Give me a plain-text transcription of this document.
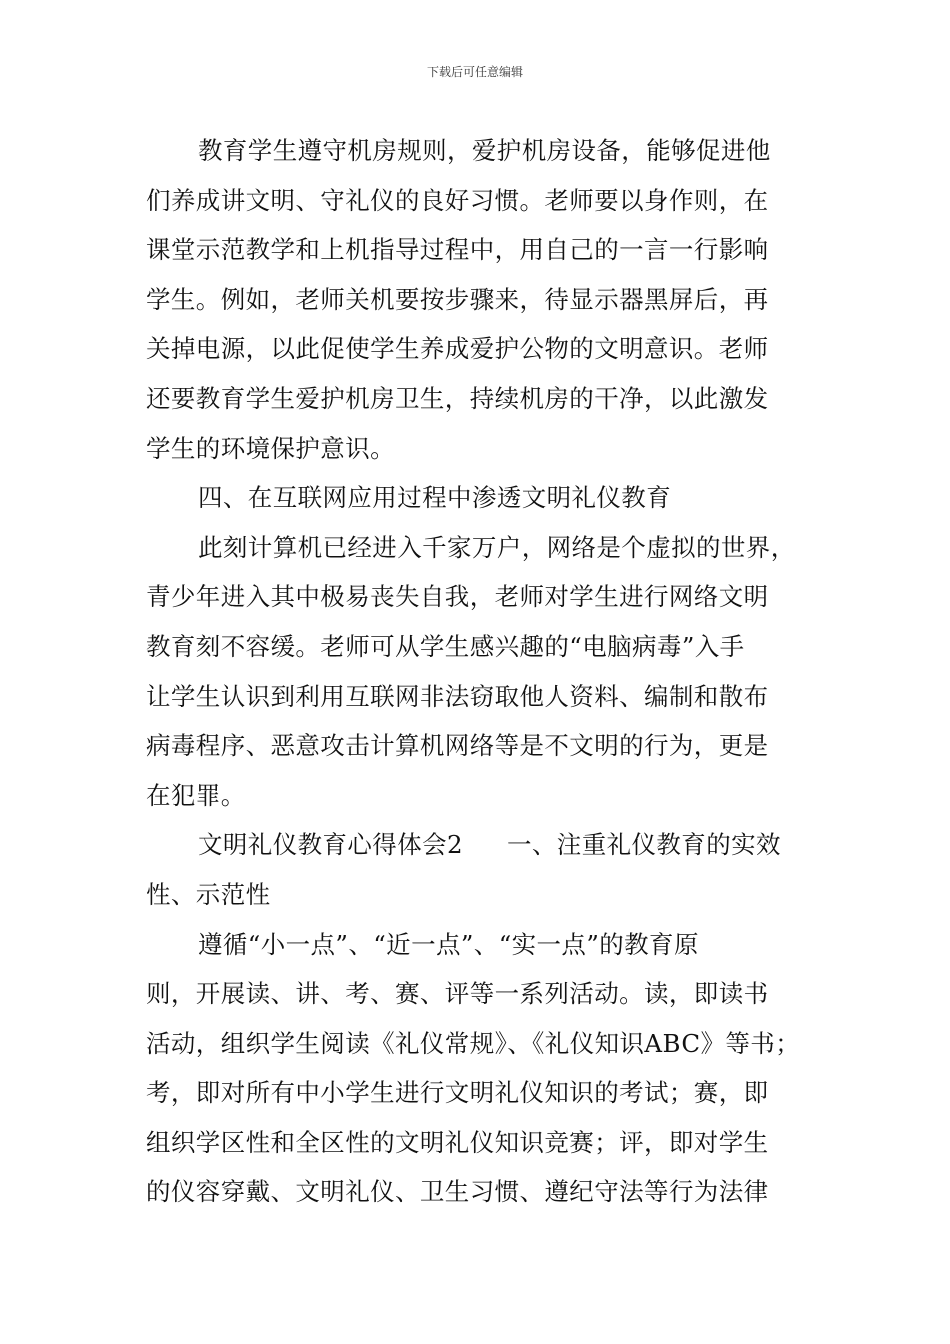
下载后可任意编辑
教育学生遵守机房规则，爱护机房设备，能够促进他
们养成讲文明、守礼仪的良好习惯。老师要以身作则，在
课堂示范教学和上机指导过程中，用自己的一言一行影响
学生。例如，老师关机要按步骤来，待显示器黑屏后，再
关掉电源，以此促使学生养成爱护公物的文明意识。老师
还要教育学生爱护机房卫生，持续机房的干净，以此激发
学生的环境保护意识。
四、在互联网应用过程中渗透文明礼仪教育
此刻计算机已经进入千家万户，网络是个虚拟的世界，
青少年进入其中极易丧失自我，老师对学生进行网络文明
教育刻不容缓。老师可从学生感兴趣的“电脑病毒”入手
让学生认识到利用互联网非法窃取他人资料、编制和散布
病毒程序、恶意攻击计算机网络等是不文明的行为，更是
在犯罪。
文明礼仪教育心得体会2 一、注重礼仪教育的实效
性、示范性
遵循“小一点”、“近一点”、“实一点”的教育原
则，开展读、讲、考、赛、评等一系列活动。读，即读书
活动，组织学生阅读《礼仪常规》、《礼仪知识ABC》等书；
考，即对所有中小学生进行文明礼仪知识的考试；赛，即
组织学区性和全区性的文明礼仪知识竞赛；评，即对学生
的仪容穿戴、文明礼仪、卫生习惯、遵纪守法等行为法律
